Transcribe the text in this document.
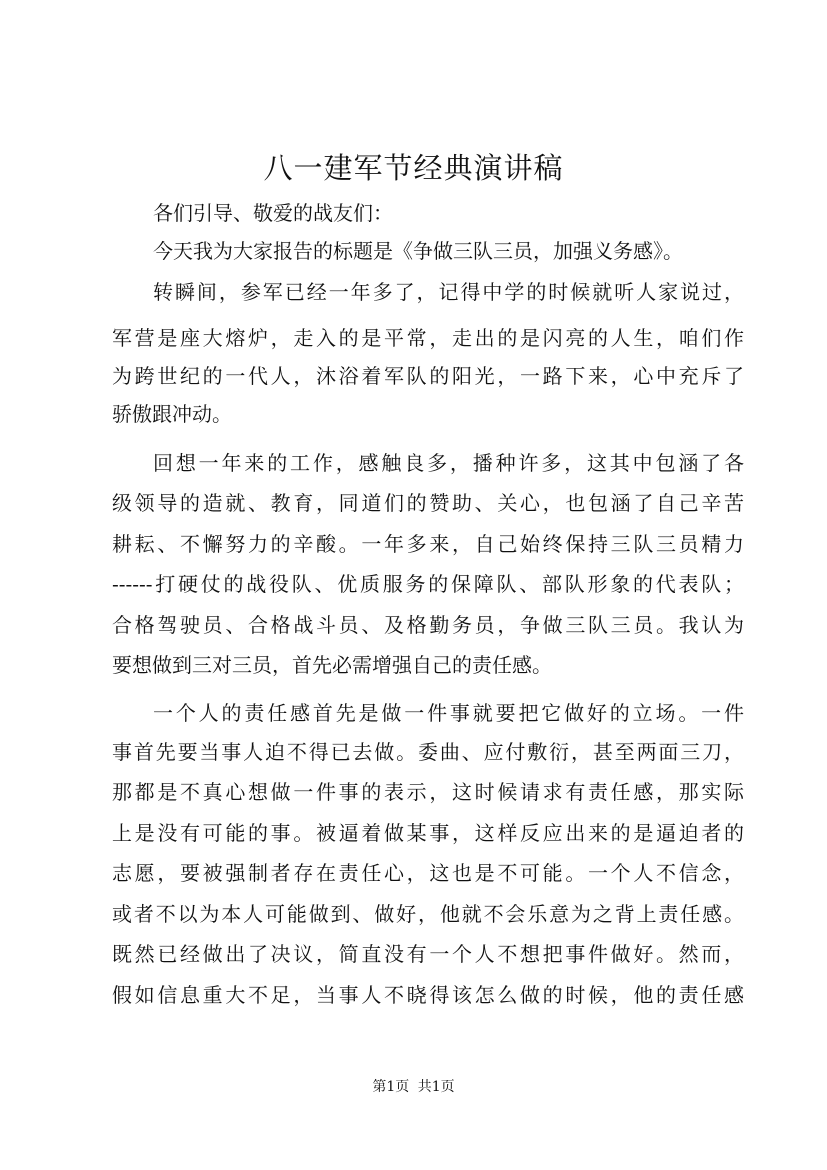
八一建军节经典演讲稿
各们引导、敬爱的战友们：
今天我为大家报告的标题是《争做三队三员，加强义务感》。
转瞬间，参军已经一年多了，记得中学的时候就听人家说过，
军营是座大熔炉，走入的是平常，走出的是闪亮的人生，咱们作
为跨世纪的一代人，沐浴着军队的阳光，一路下来，心中充斥了
骄傲跟冲动。
回想一年来的工作，感触良多，播种许多，这其中包涵了各
级领导的造就、教育，同道们的赞助、关心，也包涵了自己辛苦
耕耘、不懈努力的辛酸。一年多来，自己始终保持三队三员精力
------打硬仗的战役队、优质服务的保障队、部队形象的代表队；
合格驾驶员、合格战斗员、及格勤务员，争做三队三员。我认为
要想做到三对三员，首先必需增强自己的责任感。
一个人的责任感首先是做一件事就要把它做好的立场。一件
事首先要当事人迫不得已去做。委曲、应付敷衍，甚至两面三刀，
那都是不真心想做一件事的表示，这时候请求有责任感，那实际
上是没有可能的事。被逼着做某事，这样反应出来的是逼迫者的
志愿，要被强制者存在责任心，这也是不可能。一个人不信念，
或者不以为本人可能做到、做好，他就不会乐意为之背上责任感。
既然已经做出了决议，简直没有一个人不想把事件做好。然而，
假如信息重大不足，当事人不晓得该怎么做的时候，他的责任感
第1页 共1页
